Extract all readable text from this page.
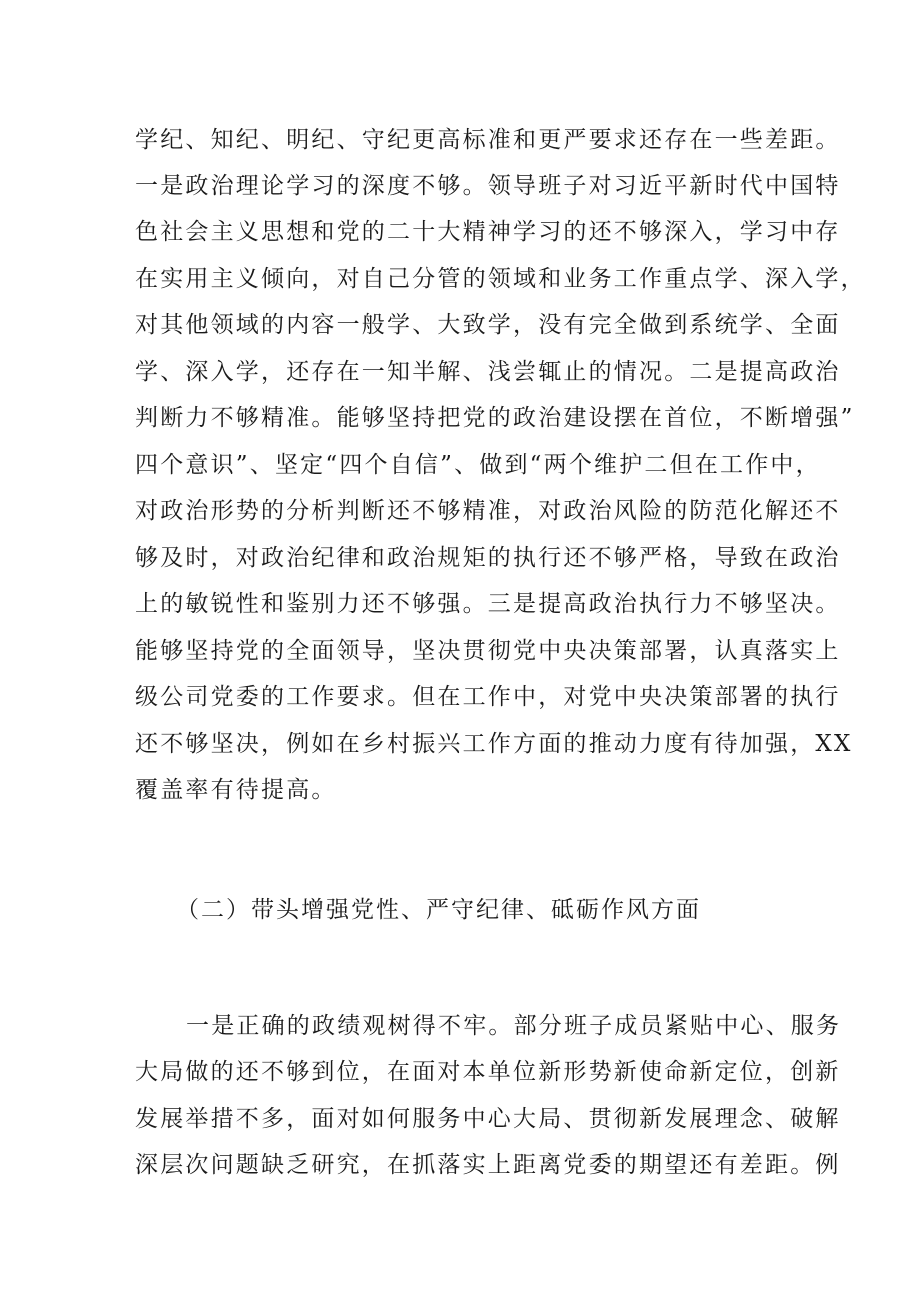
学纪、知纪、明纪、守纪更高标准和更严要求还存在一些差距。
一是政治理论学习的深度不够。领导班子对习近平新时代中国特
色社会主义思想和党的二十大精神学习的还不够深入，学习中存
在实用主义倾向，对自己分管的领域和业务工作重点学、深入学，
对其他领域的内容一般学、大致学，没有完全做到系统学、全面
学、深入学，还存在一知半解、浅尝辄止的情况。二是提高政治
判断力不够精准。能够坚持把党的政治建设摆在首位，不断增强”
四个意识”、坚定“四个自信”、做到“两个维护二但在工作中，
对政治形势的分析判断还不够精准，对政治风险的防范化解还不
够及时，对政治纪律和政治规矩的执行还不够严格，导致在政治
上的敏锐性和鉴别力还不够强。三是提高政治执行力不够坚决。
能够坚持党的全面领导，坚决贯彻党中央决策部署，认真落实上
级公司党委的工作要求。但在工作中，对党中央决策部署的执行
还不够坚决，例如在乡村振兴工作方面的推动力度有待加强，XX
覆盖率有待提高。
（二）带头增强党性、严守纪律、砥砺作风方面
一是正确的政绩观树得不牢。部分班子成员紧贴中心、服务
大局做的还不够到位，在面对本单位新形势新使命新定位，创新
发展举措不多，面对如何服务中心大局、贯彻新发展理念、破解
深层次问题缺乏研究，在抓落实上距离党委的期望还有差距。例
